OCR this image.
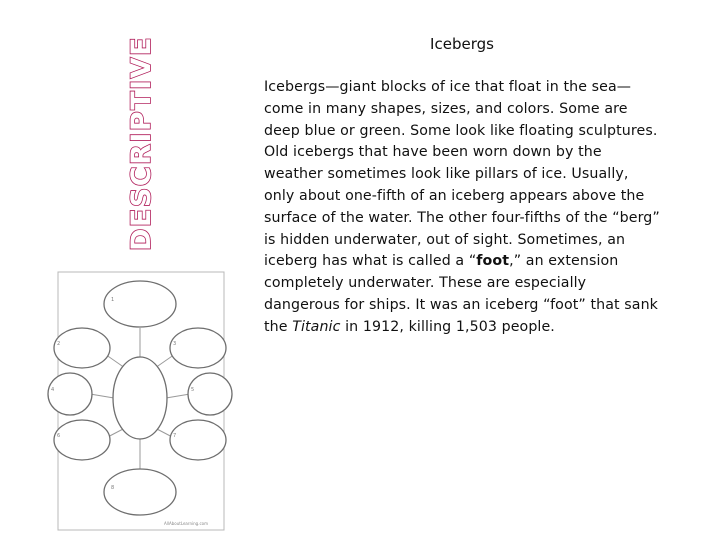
DESCRIPTIVE
1
2	3
4	5
6	7
8
AllAboutLearning.com
Icebergs
Icebergs—giant blocks of ice that float in the sea—come in many shapes, sizes, and colors. Some are deep blue or green. Some look like floating sculptures. Old icebergs that have been worn down by the weather sometimes look like pillars of ice. Usually, only about one-fifth of an iceberg appears above the surface of the water. The other four-fifths of the “berg” is hidden underwater, out of sight. Sometimes, an iceberg has what is called a “foot,” an extension completely underwater. These are especially dangerous for ships. It was an iceberg “foot” that sank the Titanic in 1912, killing 1,503 people.
